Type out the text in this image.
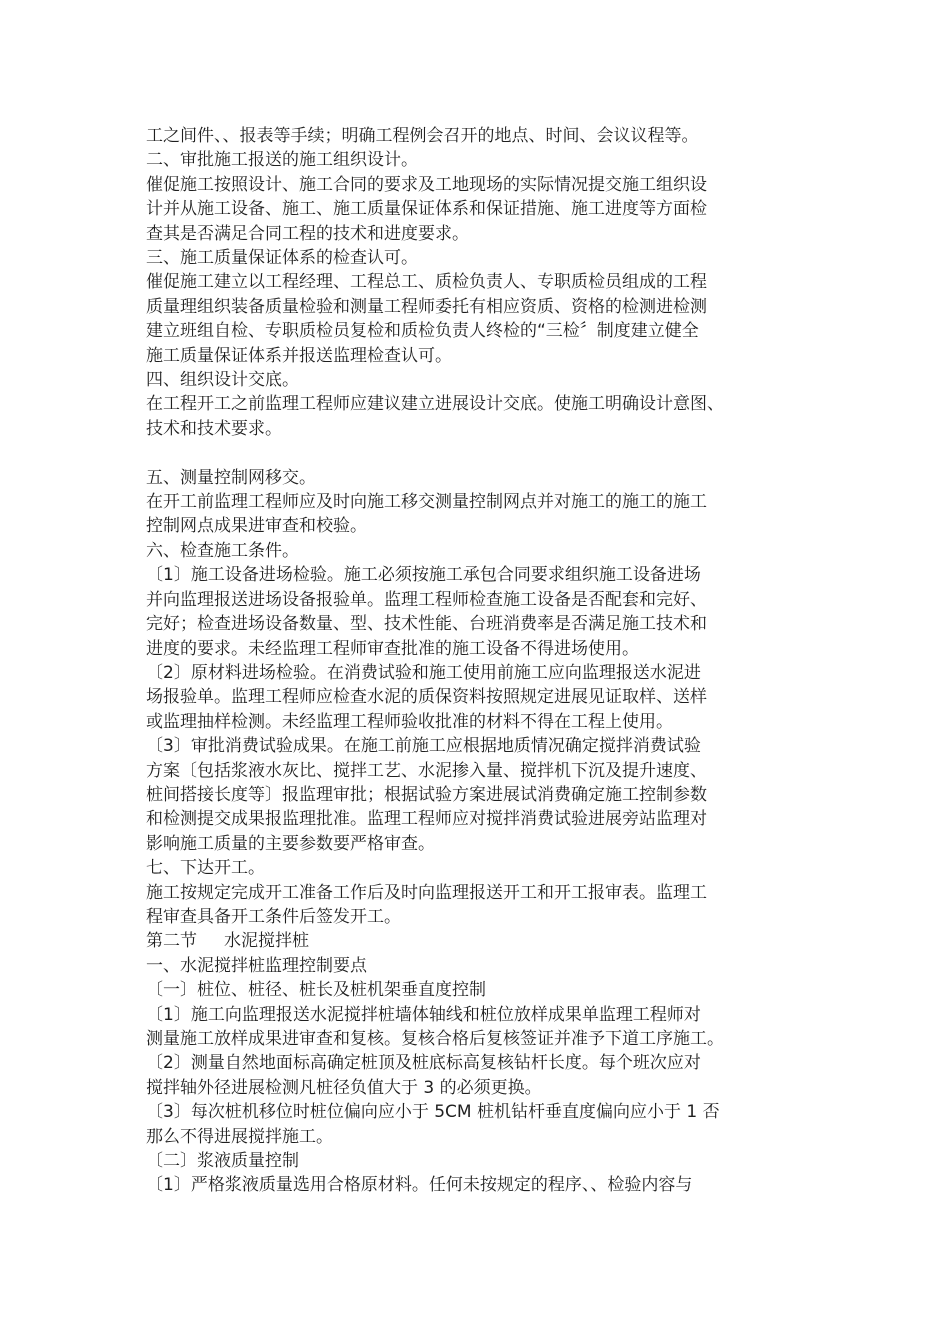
工之间件、、报表等手续；明确工程例会召开的地点、时间、会议议程等。

二、审批施工报送的施工组织设计。

催促施工按照设计、施工合同的要求及工地现场的实际情况提交施工组织设

计并从施工设备、施工、施工质量保证体系和保证措施、施工进度等方面检

查其是否满足合同工程的技术和进度要求。

三、施工质量保证体系的检查认可。

催促施工建立以工程经理、工程总工、质检负责人、专职质检员组成的工程

质量理组织装备质量检验和测量工程师委托有相应资质、资格的检测进检测

建立班组自检、专职质检员复检和质检负责人终检的“三检〞制度建立健全

施工质量保证体系并报送监理检查认可。

四、组织设计交底。

在工程开工之前监理工程师应建议建立进展设计交底。使施工明确设计意图、

技术和技术要求。

五、测量控制网移交。

在开工前监理工程师应及时向施工移交测量控制网点并对施工的施工的施工

控制网点成果进审查和校验。

六、检查施工条件。

〔1〕施工设备进场检验。施工必须按施工承包合同要求组织施工设备进场

并向监理报送进场设备报验单。监理工程师检查施工设备是否配套和完好、

完好；检查进场设备数量、型、技术性能、台班消费率是否满足施工技术和

进度的要求。未经监理工程师审查批准的施工设备不得进场使用。

〔2〕原材料进场检验。在消费试验和施工使用前施工应向监理报送水泥进

场报验单。监理工程师应检查水泥的质保资料按照规定进展见证取样、送样

或监理抽样检测。未经监理工程师验收批准的材料不得在工程上使用。

〔3〕审批消费试验成果。在施工前施工应根据地质情况确定搅拌消费试验

方案〔包括浆液水灰比、搅拌工艺、水泥掺入量、搅拌机下沉及提升速度、

桩间搭接长度等〕报监理审批；根据试验方案进展试消费确定施工控制参数

和检测提交成果报监理批准。监理工程师应对搅拌消费试验进展旁站监理对

影响施工质量的主要参数要严格审查。

七、下达开工。

施工按规定完成开工准备工作后及时向监理报送开工和开工报审表。监理工

程审查具备开工条件后签发开工。

第二节     水泥搅拌桩

一、水泥搅拌桩监理控制要点

〔一〕桩位、桩径、桩长及桩机架垂直度控制

〔1〕施工向监理报送水泥搅拌桩墙体轴线和桩位放样成果单监理工程师对

测量施工放样成果进审查和复核。复核合格后复核签证并准予下道工序施工。

〔2〕测量自然地面标高确定桩顶及桩底标高复核钻杆长度。每个班次应对

搅拌轴外径进展检测凡桩径负值大于 3 的必须更换。

〔3〕每次桩机移位时桩位偏向应小于 5CM 桩机钻杆垂直度偏向应小于 1 否

那么不得进展搅拌施工。

〔二〕浆液质量控制

〔1〕严格浆液质量选用合格原材料。任何未按规定的程序、、检验内容与
